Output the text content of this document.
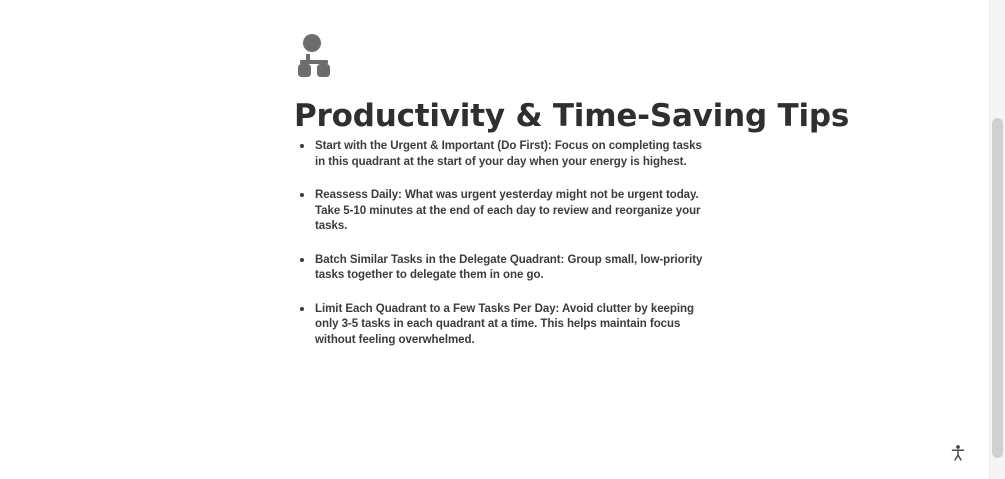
Productivity & Time-Saving Tips
Start with the Urgent & Important (Do First): Focus on completing tasks in this quadrant at the start of your day when your energy is highest.
Reassess Daily: What was urgent yesterday might not be urgent today. Take 5-10 minutes at the end of each day to review and reorganize your tasks.
Batch Similar Tasks in the Delegate Quadrant: Group small, low-priority tasks together to delegate them in one go.
Limit Each Quadrant to a Few Tasks Per Day: Avoid clutter by keeping only 3-5 tasks in each quadrant at a time. This helps maintain focus without feeling overwhelmed.
